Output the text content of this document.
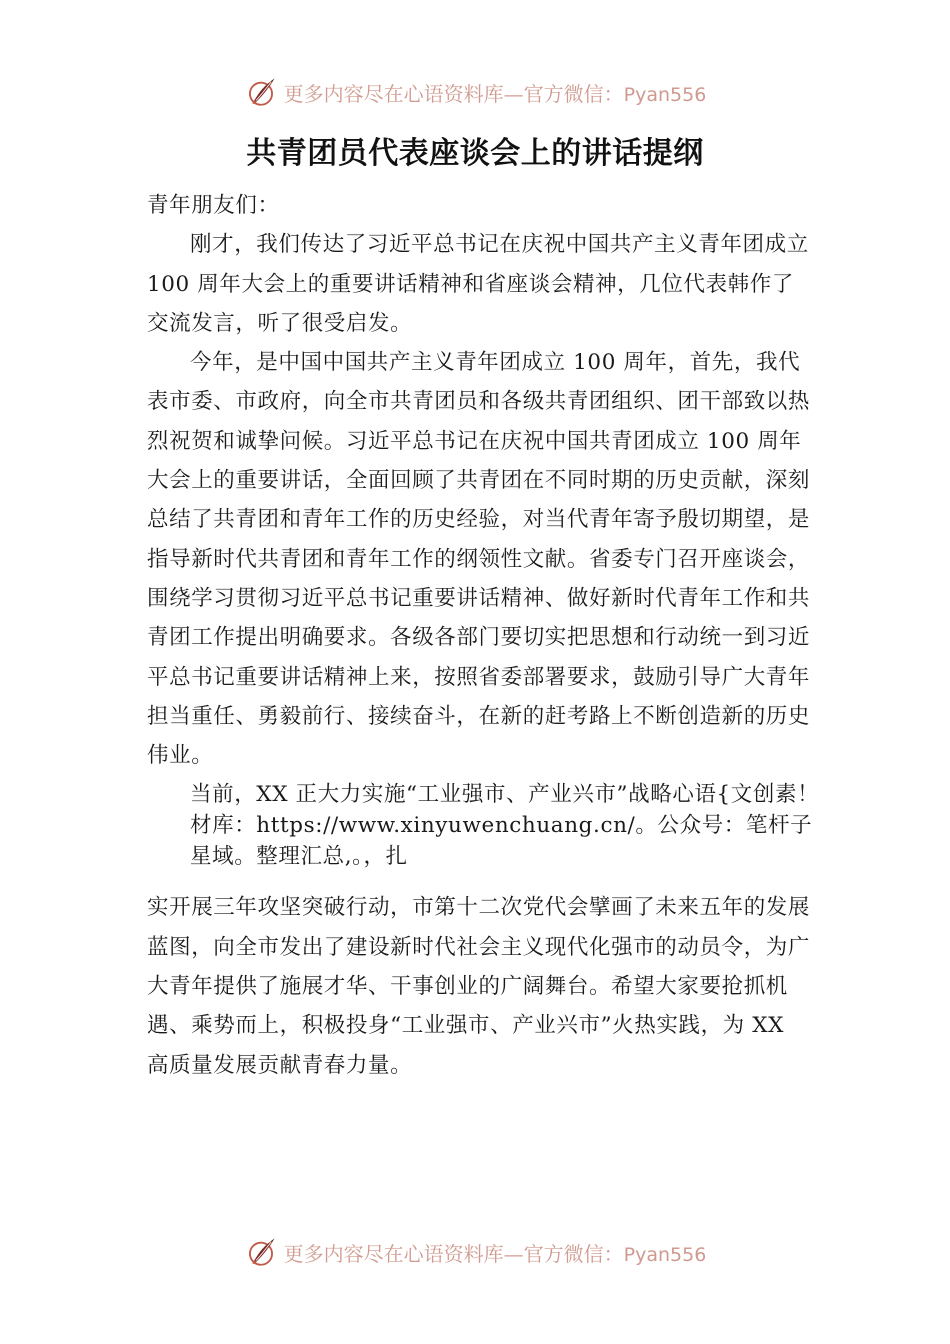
更多内容尽在心语资料库—官方微信：Pyan556
共青团员代表座谈会上的讲话提纲

青年朋友们：

刚才，我们传达了习近平总书记在庆祝中国共产主义青年团成立 100 周年大会上的重要讲话精神和省座谈会精神，几位代表韩作了交流发言，听了很受启发。

今年，是中国中国共产主义青年团成立 100 周年，首先，我代表市委、市政府，向全市共青团员和各级共青团组织、团干部致以热烈祝贺和诚挚问候。习近平总书记在庆祝中国共青团成立 100 周年大会上的重要讲话，全面回顾了共青团在不同时期的历史贡献，深刻总结了共青团和青年工作的历史经验，对当代青年寄予殷切期望，是指导新时代共青团和青年工作的纲领性文献。省委专门召开座谈会，围绕学习贯彻习近平总书记重要讲话精神、做好新时代青年工作和共青团工作提出明确要求。各级各部门要切实把思想和行动统一到习近平总书记重要讲话精神上来，按照省委部署要求，鼓励引导广大青年担当重任、勇毅前行、接续奋斗，在新的赶考路上不断创造新的历史伟业。

当前，XX 正大力实施“工业强市、产业兴市”战略心语{文创素！材库：https://www.xinyuwenchuang.cn/。公众号：笔杆子星域。整理汇总,。，扎

实开展三年攻坚突破行动，市第十二次党代会擘画了未来五年的发展蓝图，向全市发出了建设新时代社会主义现代化强市的动员令，为广大青年提供了施展才华、干事创业的广阔舞台。希望大家要抢抓机遇、乘势而上，积极投身“工业强市、产业兴市”火热实践，为 XX 高质量发展贡献青春力量。

更多内容尽在心语资料库—官方微信：Pyan556
